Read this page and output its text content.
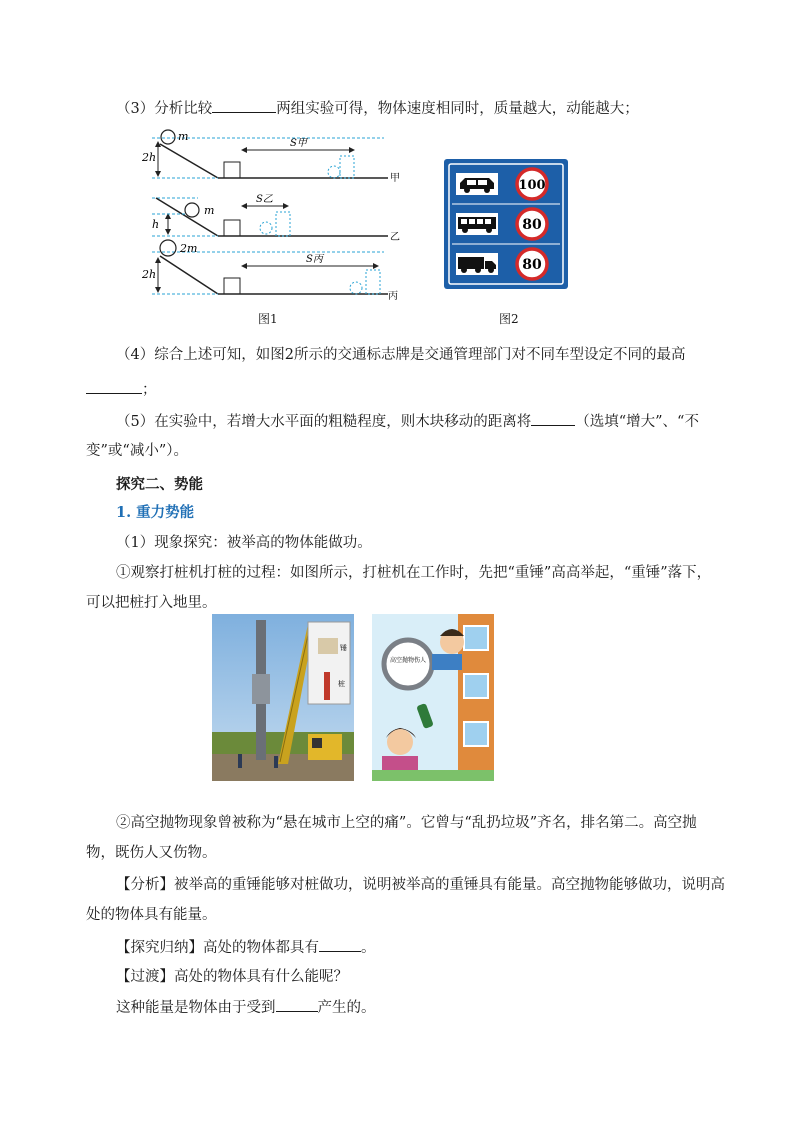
（3）分析比较	两组实验可得，物体速度相同时，质量越大，动能越大；
m
2h
S甲
甲
m
h
S乙
乙
2m
2h
S丙
丙
图1
100
80
80
图2
（4）综合上述可知，如图2所示的交通标志牌是交通管理部门对不同车型设定不同的最高
；
（5）在实验中，若增大水平面的粗糙程度，则木块移动的距离将	（选填“增大”、“不
变”或“减小”）。
探究二、势能
1. 重力势能
（1）现象探究：被举高的物体能做功。
①观察打桩机打桩的过程：如图所示，打桩机在工作时，先把“重锤”高高举起，“重锤”落下，
可以把桩打入地里。
锤
桩
高空抛物伤人
②高空抛物现象曾被称为“悬在城市上空的痛”。它曾与“乱扔垃圾”齐名，排名第二。高空抛
物，既伤人又伤物。
【分析】被举高的重锤能够对桩做功，说明被举高的重锤具有能量。高空抛物能够做功，说明高
处的物体具有能量。
【探究归纳】高处的物体都具有	。
【过渡】高处的物体具有什么能呢？
这种能量是物体由于受到	产生的。
